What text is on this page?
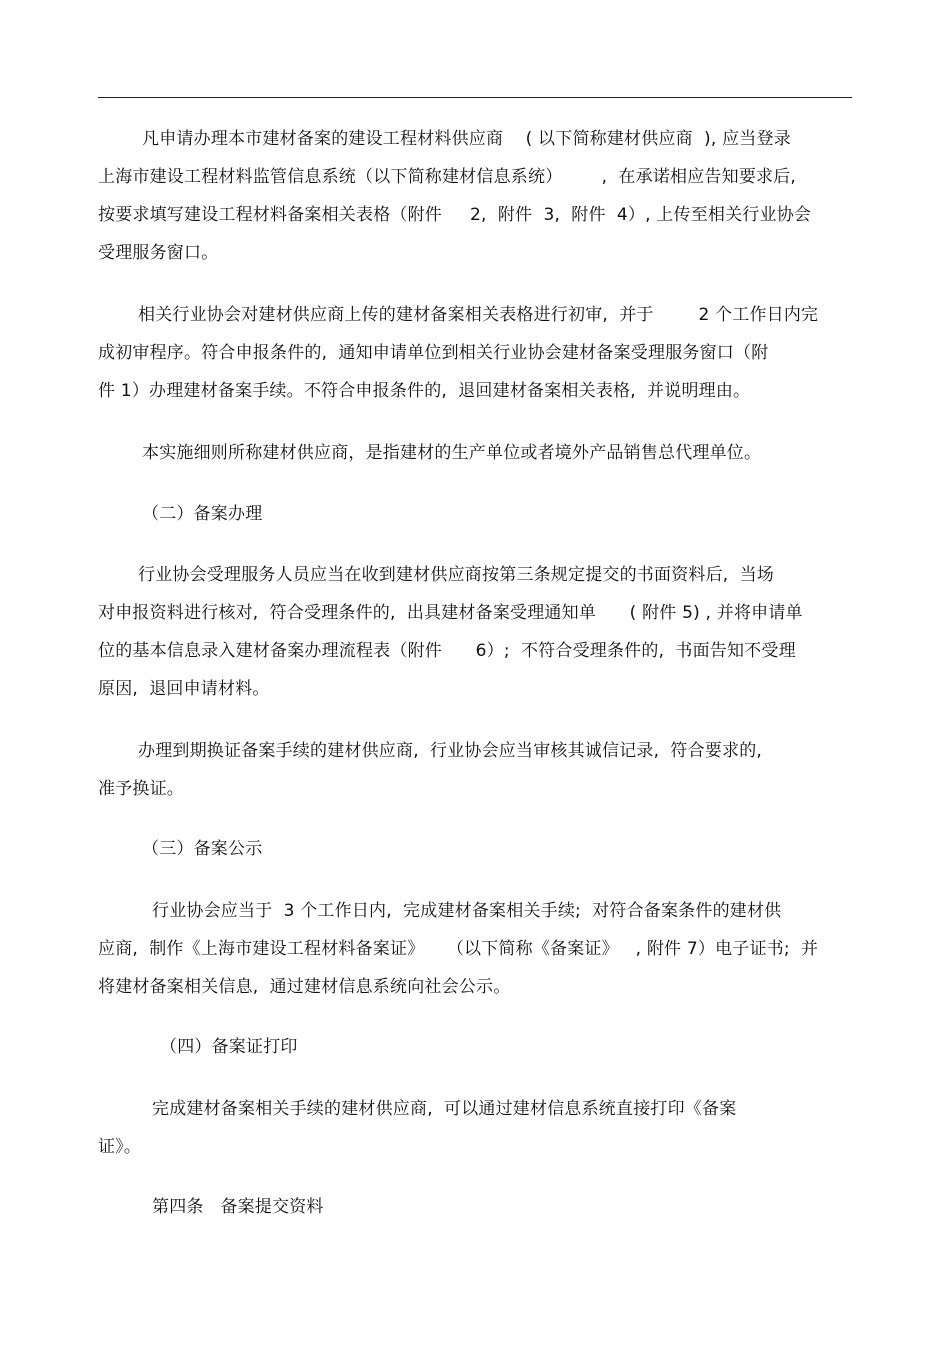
凡申请办理本市建材备案的建设工程材料供应商    ( 以下简称建材供应商  ), 应当登录
上海市建设工程材料监管信息系统（以下简称建材信息系统）       ,  在承诺相应告知要求后,
按要求填写建设工程材料备案相关表格（附件     2,  附件  3,  附件  4）, 上传至相关行业协会
受理服务窗口。
相关行业协会对建材供应商上传的建材备案相关表格进行初审,  并于        2 个工作日内完
成初审程序。符合申报条件的,  通知申请单位到相关行业协会建材备案受理服务窗口（附
件 1）办理建材备案手续。不符合申报条件的,  退回建材备案相关表格,  并说明理由。
本实施细则所称建材供应商，是指建材的生产单位或者境外产品销售总代理单位。
（二）备案办理
行业协会受理服务人员应当在收到建材供应商按第三条规定提交的书面资料后,  当场
对申报资料进行核对,  符合受理条件的,  出具建材备案受理通知单      ( 附件 5) , 并将申请单
位的基本信息录入建材备案办理流程表（附件      6）;  不符合受理条件的,  书面告知不受理
原因,  退回申请材料。
办理到期换证备案手续的建材供应商,  行业协会应当审核其诚信记录,  符合要求的,
准予换证。
（三）备案公示
行业协会应当于  3 个工作日内,  完成建材备案相关手续;  对符合备案条件的建材供
应商,  制作《上海市建设工程材料备案证》    （以下简称《备案证》   , 附件 7）电子证书;  并
将建材备案相关信息,  通过建材信息系统向社会公示。
（四）备案证打印
完成建材备案相关手续的建材供应商,  可以通过建材信息系统直接打印《备案
证》。
第四条   备案提交资料
